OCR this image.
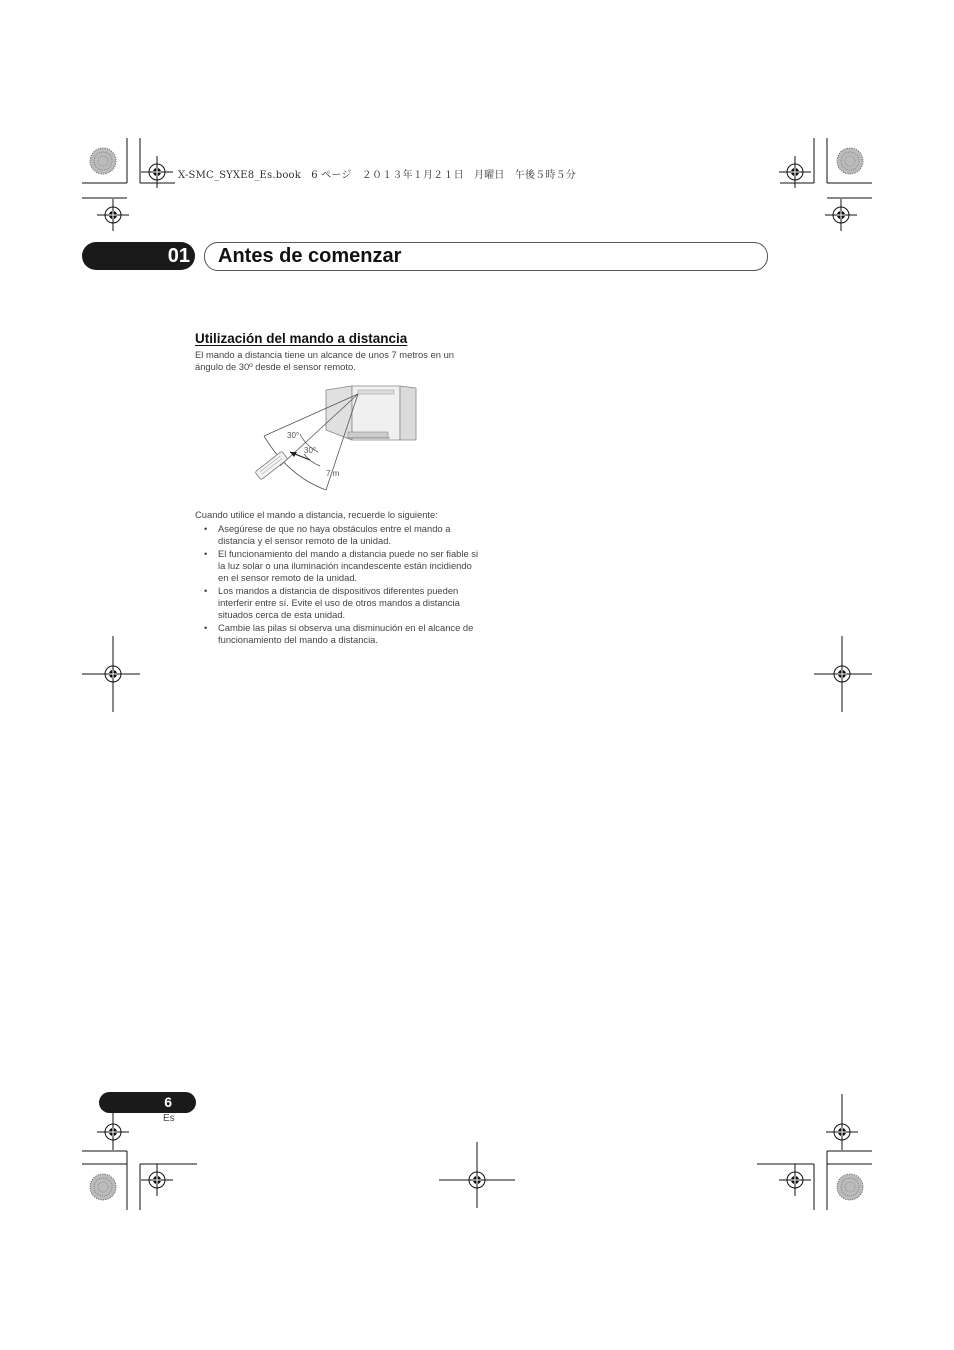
X-SMC_SYXE8_Es.book　6 ページ　２０１３年１月２１日　月曜日　午後５時５分
01 Antes de comenzar
Utilización del mando a distancia
El mando a distancia tiene un alcance de unos 7 metros en un ángulo de 30º desde el sensor remoto.
30°
30°
7 m
Cuando utilice el mando a distancia, recuerde lo siguiente:
• Asegúrese de que no haya obstáculos entre el mando a distancia y el sensor remoto de la unidad.
• El funcionamiento del mando a distancia puede no ser fiable si la luz solar o una iluminación incandescente están incidiendo en el sensor remoto de la unidad.
• Los mandos a distancia de dispositivos diferentes pueden interferir entre sí. Evite el uso de otros mandos a distancia situados cerca de esta unidad.
• Cambie las pilas si observa una disminución en el alcance de funcionamiento del mando a distancia.
6
Es
